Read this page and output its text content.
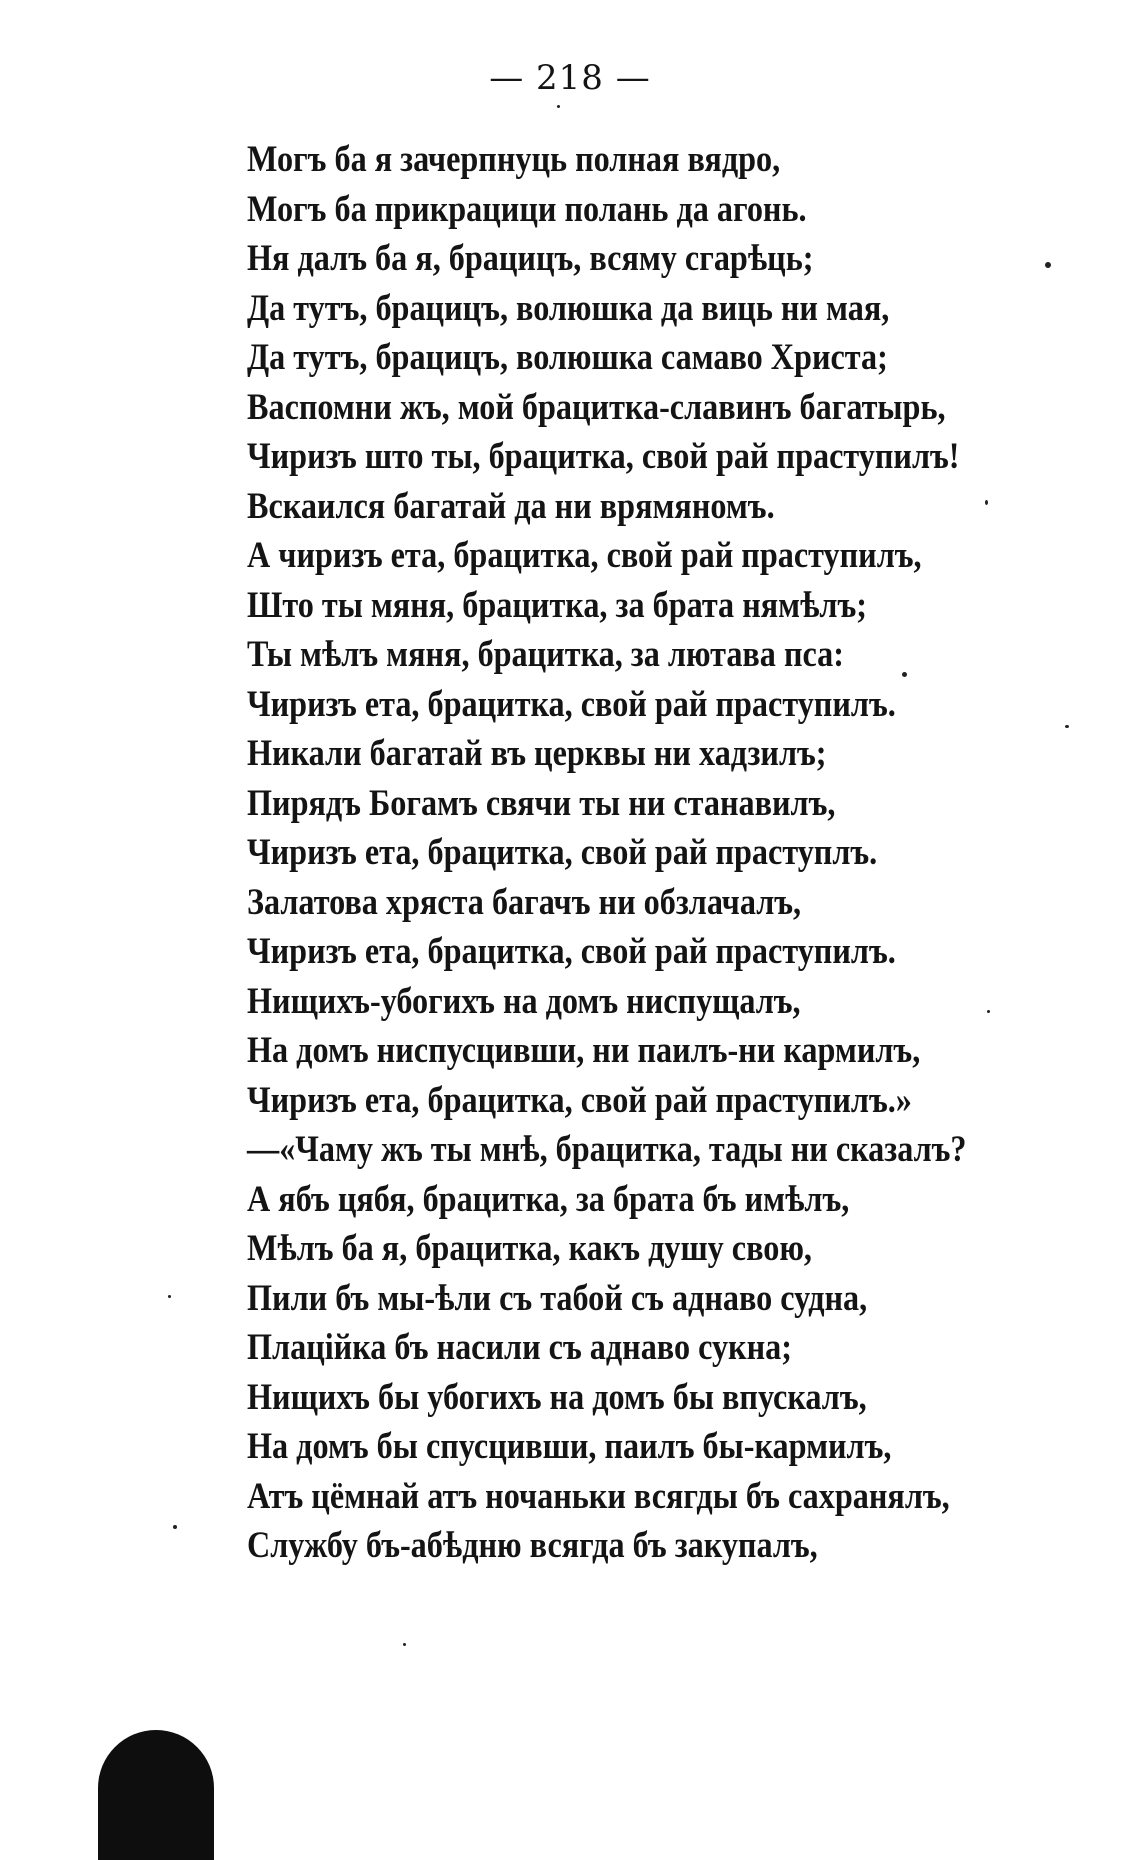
— 218 —
Могъ ба я зачерпнуць полная вядро,
Могъ ба прикрацици полань да агонь.
Ня далъ ба я, брацицъ, всяму сгарѣць;
Да тутъ, брацицъ, волюшка да виць ни мая,
Да тутъ, брацицъ, волюшка самаво Христа;
Васпомни жъ, мой брацитка-славинъ багатырь,
Чиризъ што ты, брацитка, свой рай праступилъ!
Вскаился багатай да ни врямяномъ.
А чиризъ ета, брацитка, свой рай праступилъ,
Што ты мяня, брацитка, за брата нямѣлъ;
Ты мѣлъ мяня, брацитка, за лютава пса:
Чиризъ ета, брацитка, свой рай праступилъ.
Никали багатай въ церквы ни хадзилъ;
Пирядъ Богамъ свячи ты ни станавилъ,
Чиризъ ета, брацитка, свой рай праступлъ.
Залатова хряста багачъ ни обзлачалъ,
Чиризъ ета, брацитка, свой рай праступилъ.
Нищихъ-убогихъ на домъ ниспущалъ,
На домъ ниспусцивши, ни паилъ-ни кармилъ,
Чиризъ ета, брацитка, свой рай праступилъ.»
—«Чаму жъ ты мнѣ, брацитка, тады ни сказалъ?
А ябъ цябя, брацитка, за брата бъ имѣлъ,
Мѣлъ ба я, брацитка, какъ душу свою,
Пили бъ мы-ѣли съ табой съ аднаво судна,
Плацiйка бъ насили съ аднаво сукна;
Нищихъ бы убогихъ на домъ бы впускалъ,
На домъ бы спусцивши, паилъ бы-кармилъ,
Атъ цёмнай атъ ночаньки всягды бъ сахранялъ,
Службу бъ-абѣдню всягда бъ закупалъ,
